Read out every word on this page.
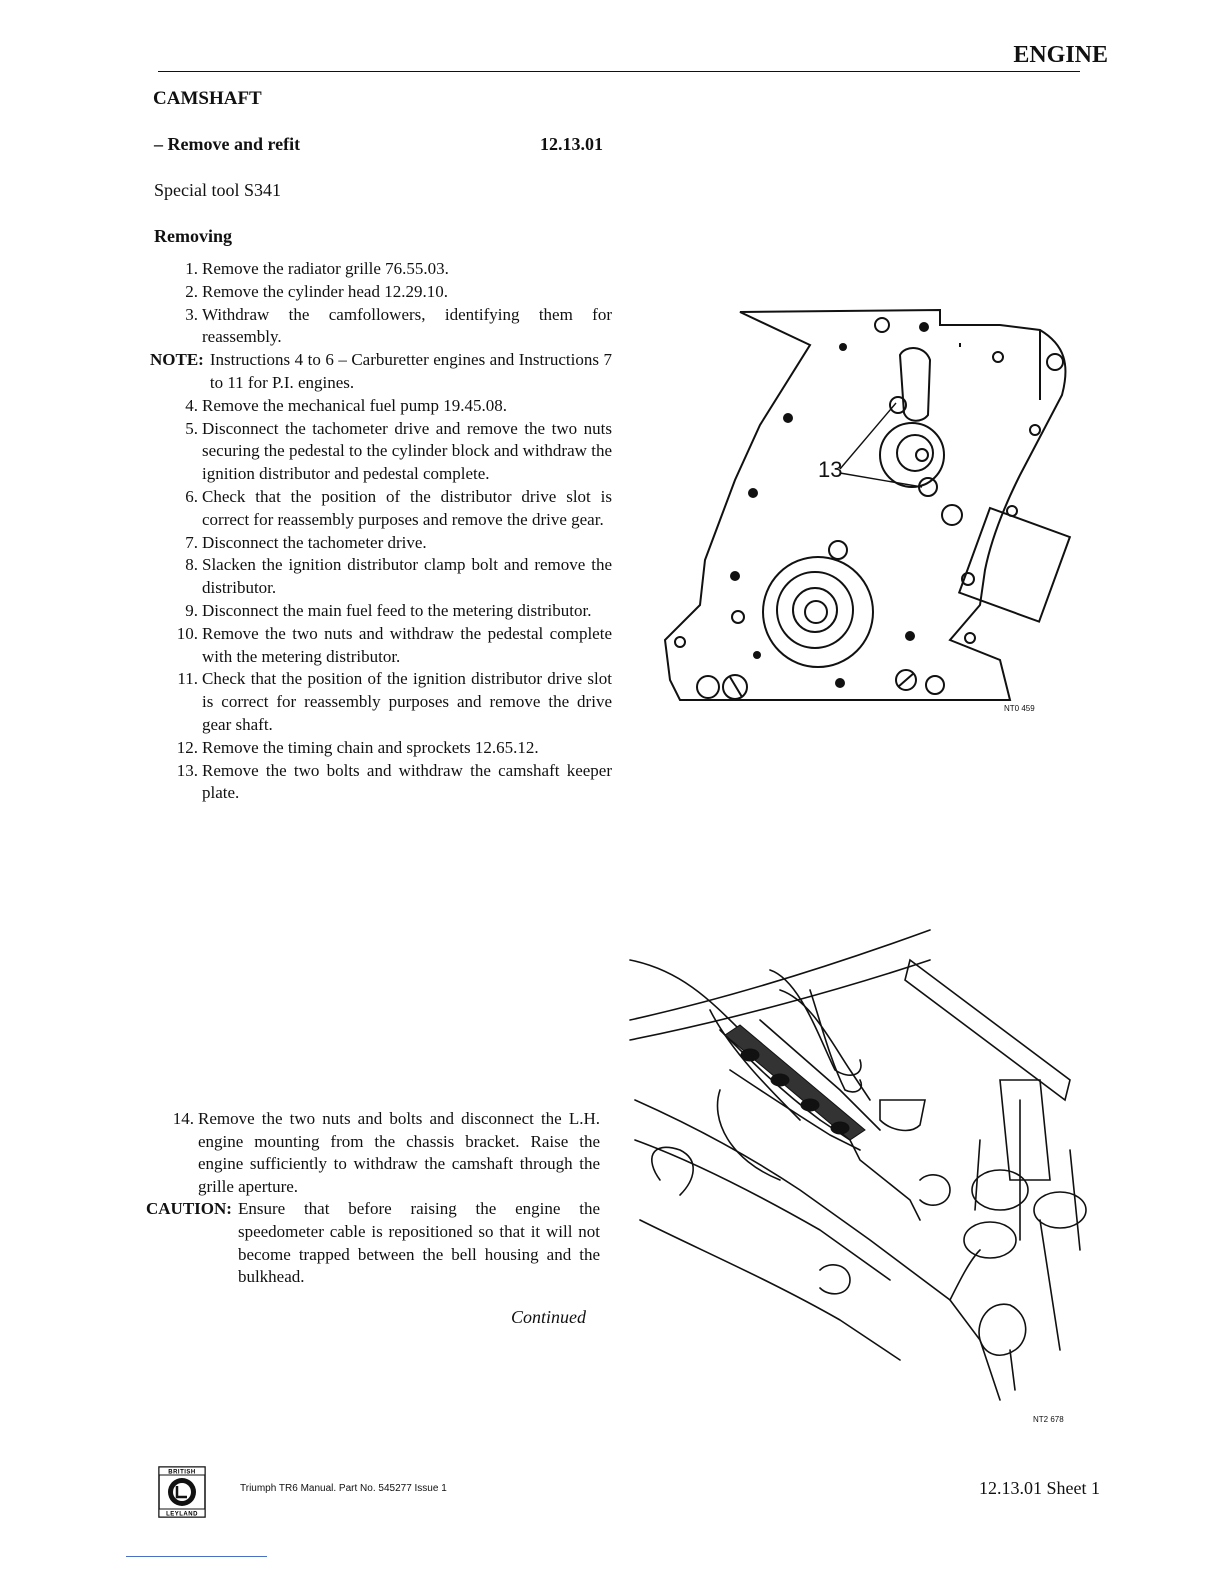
ENGINE
CAMSHAFT
– Remove and refit	12.13.01
Special tool S341
Removing
1. Remove the radiator grille 76.55.03.
2. Remove the cylinder head 12.29.10.
3. Withdraw the camfollowers, identifying them for reassembly.
NOTE: Instructions 4 to 6 – Carburetter engines and Instructions 7 to 11 for P.I. engines.
4. Remove the mechanical fuel pump 19.45.08.
5. Disconnect the tachometer drive and remove the two nuts securing the pedestal to the cylinder block and withdraw the ignition distributor and pedestal complete.
6. Check that the position of the distributor drive slot is correct for reassembly purposes and remove the drive gear.
7. Disconnect the tachometer drive.
8. Slacken the ignition distributor clamp bolt and remove the distributor.
9. Disconnect the main fuel feed to the metering distributor.
10. Remove the two nuts and withdraw the pedestal complete with the metering distributor.
11. Check that the position of the ignition distributor drive slot is correct for reassembly purposes and remove the drive gear shaft.
12. Remove the timing chain and sprockets 12.65.12.
13. Remove the two bolts and withdraw the camshaft keeper plate.
14. Remove the two nuts and bolts and disconnect the L.H. engine mounting from the chassis bracket. Raise the engine sufficiently to withdraw the camshaft through the grille aperture.
CAUTION: Ensure that before raising the engine the speedometer cable is repositioned so that it will not become trapped between the bell housing and the bulkhead.
Continued
13
NT0 459
NT2 678
BRITISH
LEYLAND
Triumph TR6 Manual. Part No. 545277 Issue 1	12.13.01 Sheet 1
